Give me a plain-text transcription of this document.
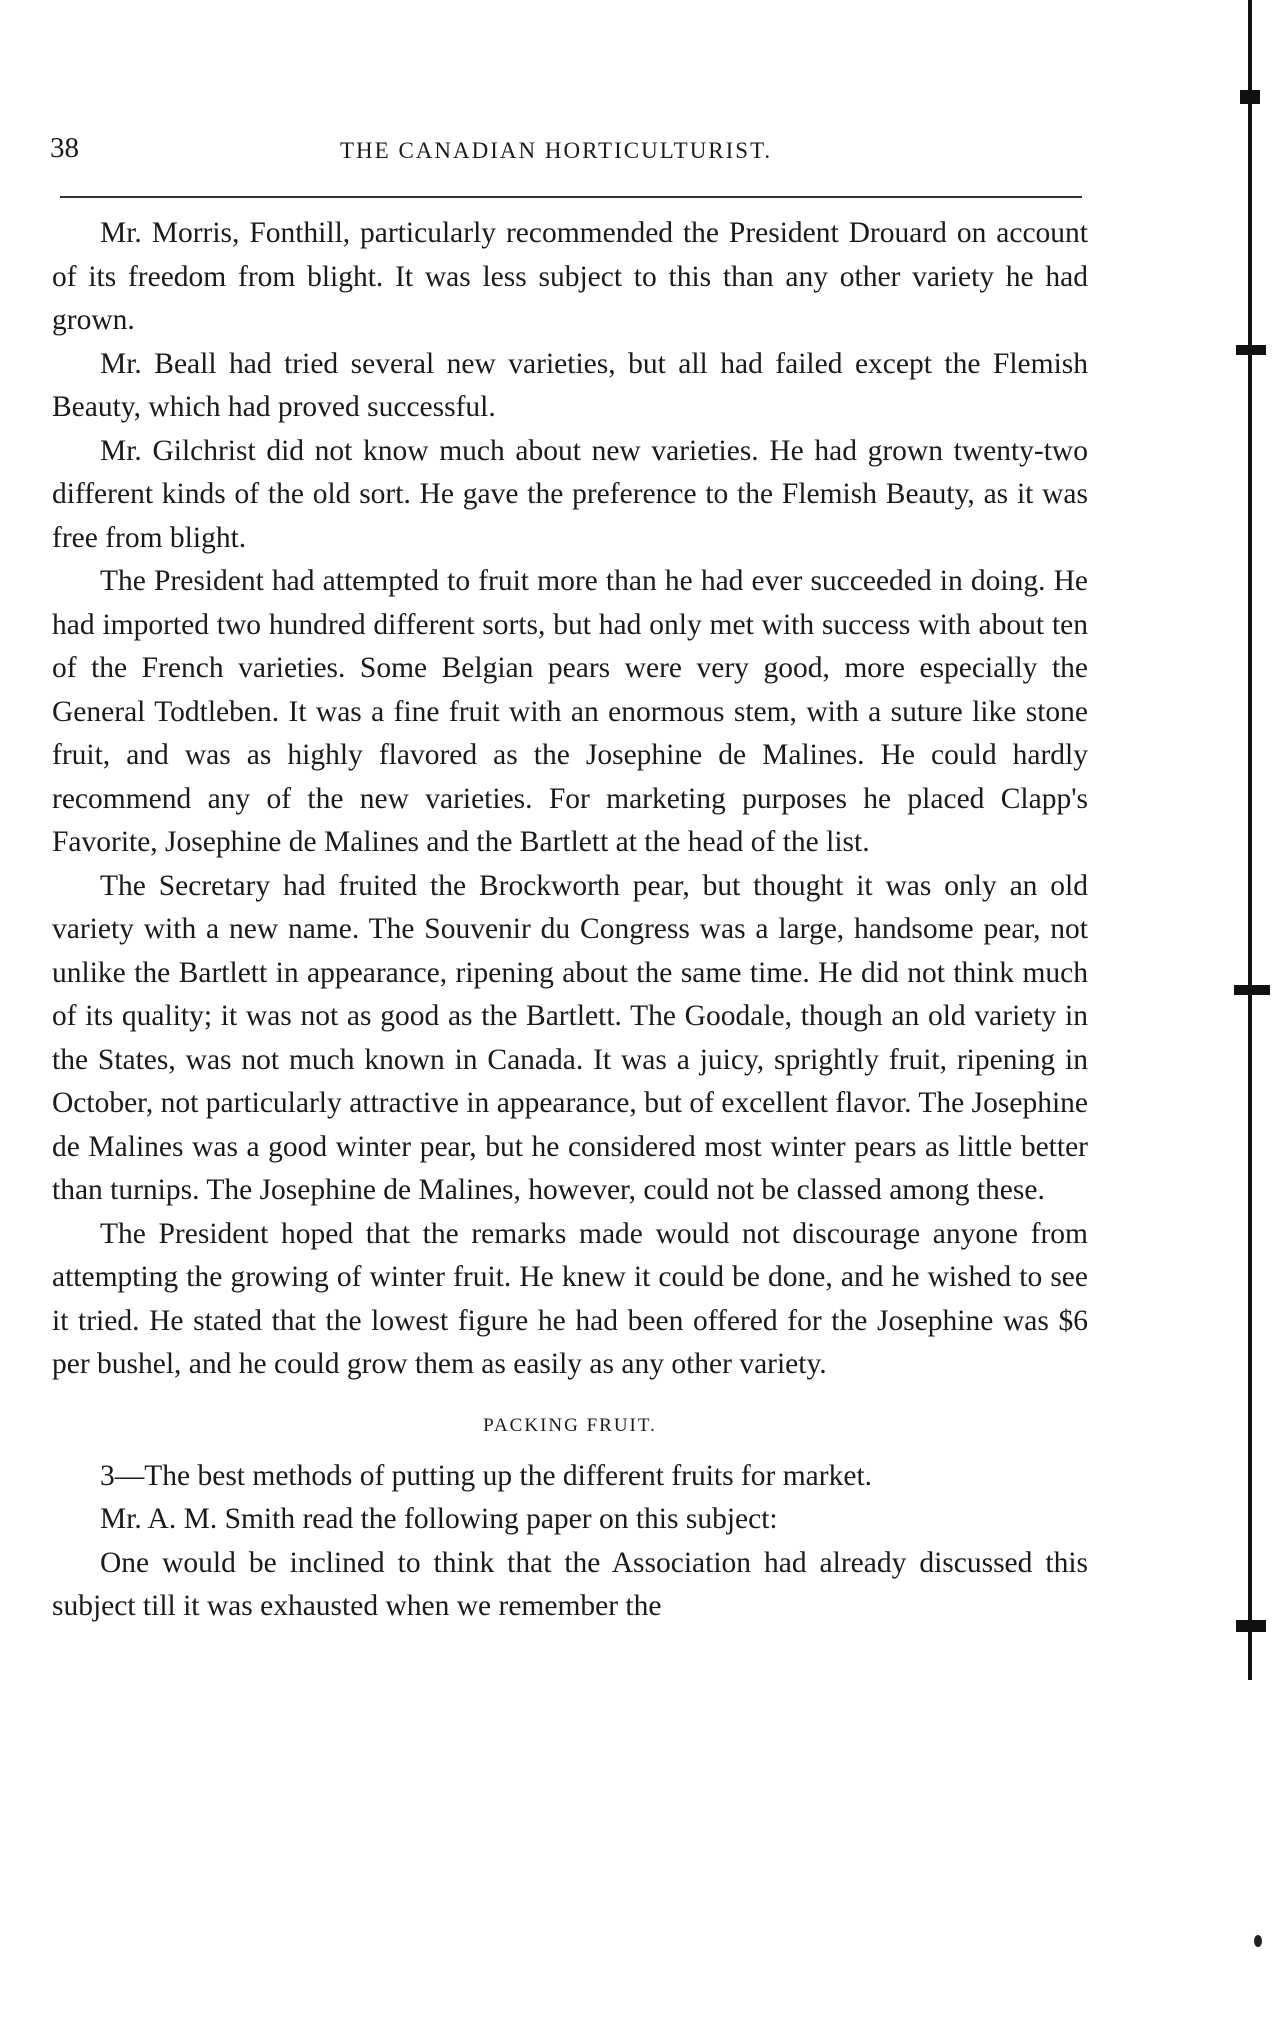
38	THE CANADIAN HORTICULTURIST.

Mr. Morris, Fonthill, particularly recommended the President Drouard on account of its freedom from blight. It was less subject to this than any other variety he had grown.

Mr. Beall had tried several new varieties, but all had failed except the Flemish Beauty, which had proved successful.

Mr. Gilchrist did not know much about new varieties. He had grown twenty-two different kinds of the old sort. He gave the preference to the Flemish Beauty, as it was free from blight.

The President had attempted to fruit more than he had ever succeeded in doing. He had imported two hundred different sorts, but had only met with success with about ten of the French varieties. Some Belgian pears were very good, more especially the General Todtleben. It was a fine fruit with an enormous stem, with a suture like stone fruit, and was as highly flavored as the Josephine de Malines. He could hardly recommend any of the new varieties. For marketing purposes he placed Clapp's Favorite, Josephine de Malines and the Bartlett at the head of the list.

The Secretary had fruited the Brockworth pear, but thought it was only an old variety with a new name. The Souvenir du Congress was a large, handsome pear, not unlike the Bartlett in appearance, ripening about the same time. He did not think much of its quality; it was not as good as the Bartlett. The Goodale, though an old variety in the States, was not much known in Canada. It was a juicy, sprightly fruit, ripening in October, not particularly attractive in appearance, but of excellent flavor. The Josephine de Malines was a good winter pear, but he considered most winter pears as little better than turnips. The Josephine de Malines, however, could not be classed among these.

The President hoped that the remarks made would not discourage anyone from attempting the growing of winter fruit. He knew it could be done, and he wished to see it tried. He stated that the lowest figure he had been offered for the Josephine was $6 per bushel, and he could grow them as easily as any other variety.

PACKING FRUIT.

3—The best methods of putting up the different fruits for market.

Mr. A. M. Smith read the following paper on this subject:

One would be inclined to think that the Association had already discussed this subject till it was exhausted when we remember the
